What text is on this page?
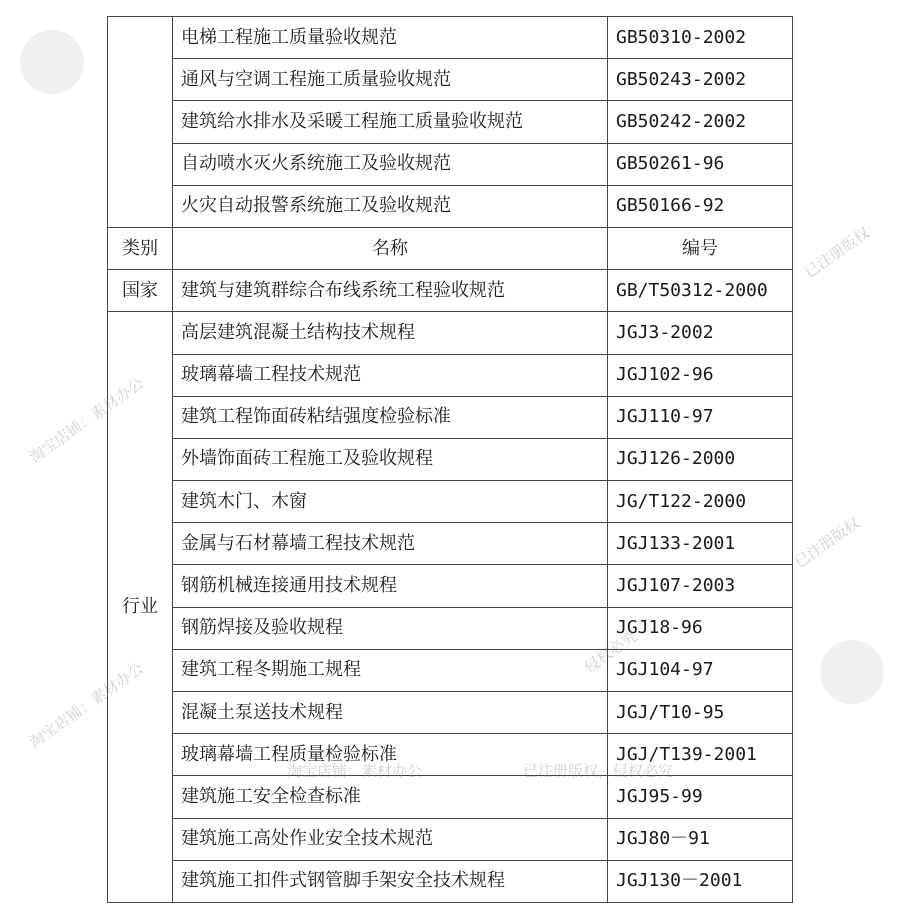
	电梯工程施工质量验收规范	GB50310-2002
	通风与空调工程施工质量验收规范	GB50243-2002
	建筑给水排水及采暖工程施工质量验收规范	GB50242-2002
	自动喷水灭火系统施工及验收规范	GB50261-96
	火灾自动报警系统施工及验收规范	GB50166-92
类别	名称	编号
国家	建筑与建筑群综合布线系统工程验收规范	GB/T50312-2000
行业	高层建筑混凝土结构技术规程	JGJ3-2002
	玻璃幕墙工程技术规范	JGJ102-96
	建筑工程饰面砖粘结强度检验标准	JGJ110-97
	外墙饰面砖工程施工及验收规程	JGJ126-2000
	建筑木门、木窗	JG/T122-2000
	金属与石材幕墙工程技术规范	JGJ133-2001
	钢筋机械连接通用技术规程	JGJ107-2003
	钢筋焊接及验收规程	JGJ18-96
	建筑工程冬期施工规程	JGJ104-97
	混凝土泵送技术规程	JGJ/T10-95
	玻璃幕墙工程质量检验标准	JGJ/T139-2001
	建筑施工安全检查标准	JGJ95-99
	建筑施工高处作业安全技术规范	JGJ80－91
	建筑施工扣件式钢管脚手架安全技术规程	JGJ130－2001
淘宝店铺：素材办公	已注册版权，侵权必究
淘宝店铺：素材办公
淘宝店铺：素材办公
已注册版权
已注册版权
侵权必究
